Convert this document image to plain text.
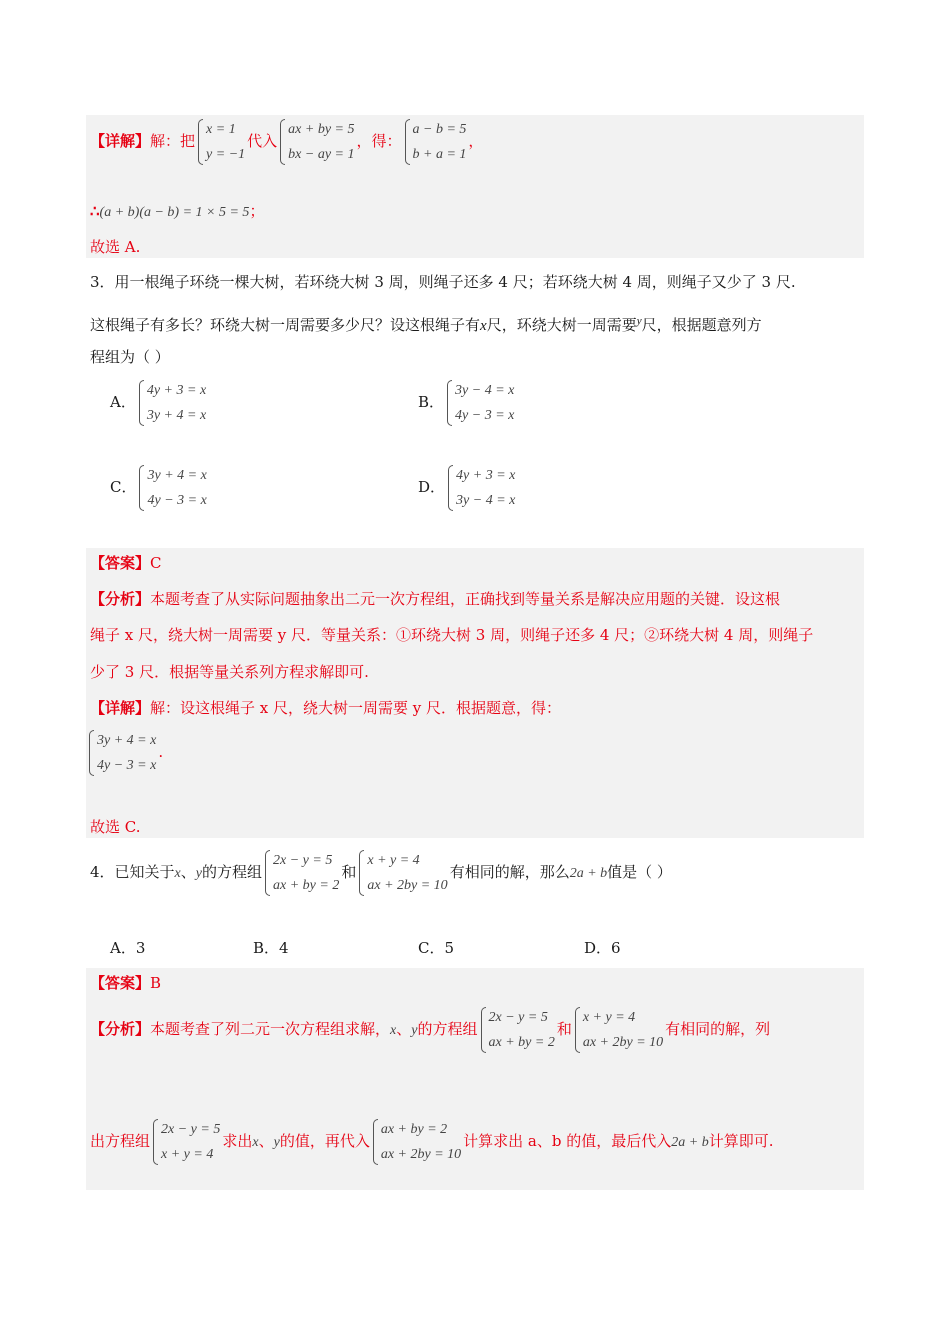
【详解】解：把
x = 1
y = −1
代入
ax + by = 5
bx − ay = 1
，得：
a − b = 5
b + a = 1
，
∴(a + b)(a − b) = 1 × 5 = 5；
故选 A.
3．用一根绳子环绕一棵大树，若环绕大树 3 周，则绳子还多 4 尺；若环绕大树 4 周，则绳子又少了 3 尺.
这根绳子有多长？环绕大树一周需要多少尺？设这根绳子有x尺，环绕大树一周需要$^y$尺，根据题意列方
程组为（ ）
A．
4y + 3 = x
3y + 4 = x
B．
3y − 4 = x
4y − 3 = x
C．
3y + 4 = x
4y − 3 = x
D．
4y + 3 = x
3y − 4 = x
【答案】C
【分析】本题考查了从实际问题抽象出二元一次方程组，正确找到等量关系是解决应用题的关键．设这根
绳子 x 尺，绕大树一周需要 y 尺．等量关系：①环绕大树 3 周，则绳子还多 4 尺；②环绕大树 4 周，则绳子
少了 3 尺．根据等量关系列方程求解即可.
【详解】解：设这根绳子 x 尺，绕大树一周需要 y 尺．根据题意，得：
3y + 4 = x
4y − 3 = x
.
故选 C.
4．已知关于x、y的方程组
2x − y = 5
ax + by = 2
和
x + y = 4
ax + 2by = 10
有相同的解，那么2a + b值是（ ）
A．3	B．4	C．5	D．6
【答案】B
【分析】本题考查了列二元一次方程组求解，x、y的方程组
2x − y = 5
ax + by = 2
和
x + y = 4
ax + 2by = 10
有相同的解，列
出方程组
2x − y = 5
x + y = 4
求出x、y的值，再代入
ax + by = 2
ax + 2by = 10
计算求出 a、b 的值，最后代入2a + b计算即可.
